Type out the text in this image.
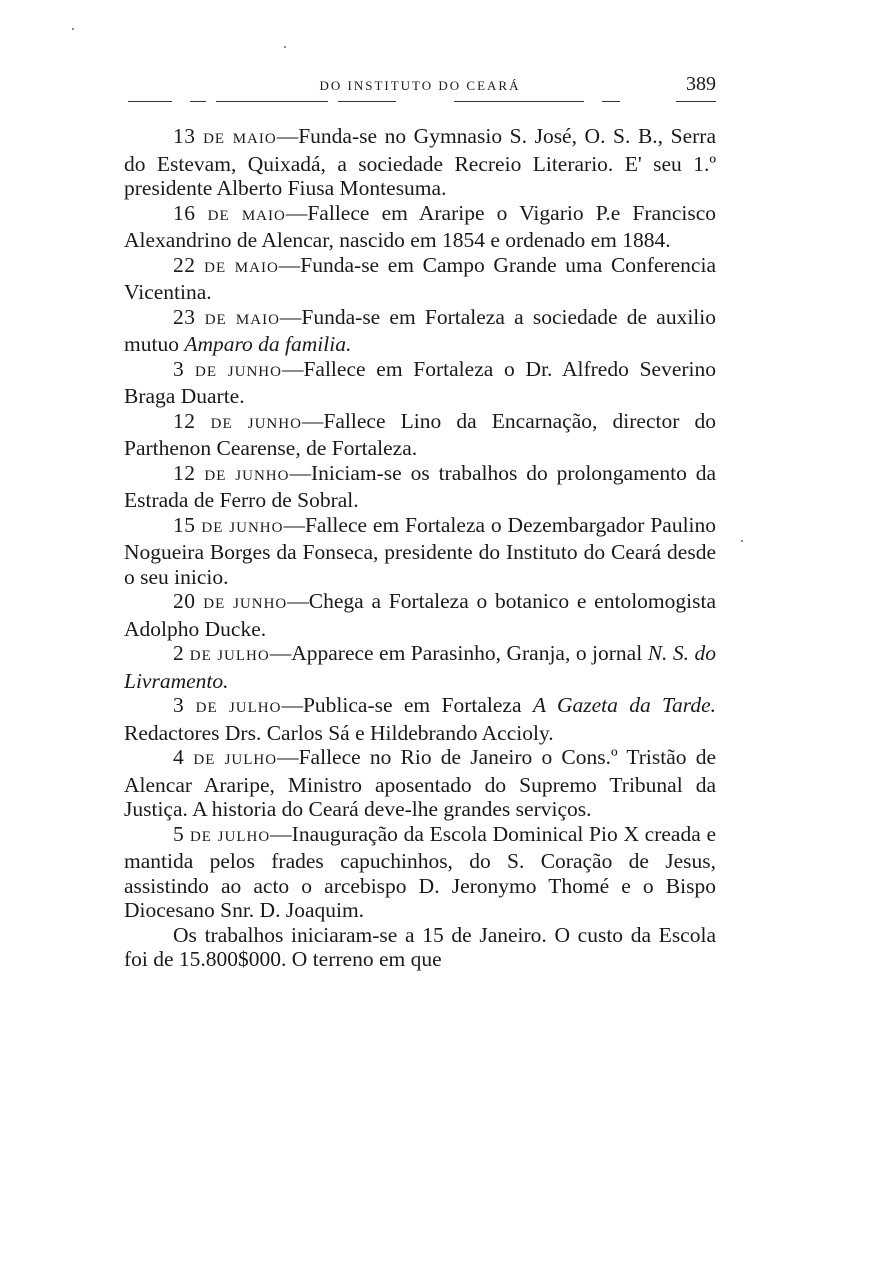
DO INSTITUTO DO CEARÁ	389

13 DE MAIO—Funda-se no Gymnasio S. José, O. S. B., Serra do Estevam, Quixadá, a sociedade Recreio Literario. E' seu 1.º presidente Alberto Fiusa Montesuma.

16 DE MAIO—Fallece em Araripe o Vigario P.e Francisco Alexandrino de Alencar, nascido em 1854 e ordenado em 1884.

22 DE MAIO—Funda-se em Campo Grande uma Conferencia Vicentina.

23 DE MAIO—Funda-se em Fortaleza a sociedade de auxilio mutuo Amparo da familia.

3 DE JUNHO—Fallece em Fortaleza o Dr. Alfredo Severino Braga Duarte.

12 DE JUNHO—Fallece Lino da Encarnação, director do Parthenon Cearense, de Fortaleza.

12 DE JUNHO—Iniciam-se os trabalhos do prolongamento da Estrada de Ferro de Sobral.

15 DE JUNHO—Fallece em Fortaleza o Dezembargador Paulino Nogueira Borges da Fonseca, presidente do Instituto do Ceará desde o seu inicio.

20 DE JUNHO—Chega a Fortaleza o botanico e entolomogista Adolpho Ducke.

2 DE JULHO—Apparece em Parasinho, Granja, o jornal N. S. do Livramento.

3 DE JULHO—Publica-se em Fortaleza A Gazeta da Tarde. Redactores Drs. Carlos Sá e Hildebrando Accioly.

4 DE JULHO—Fallece no Rio de Janeiro o Cons.º Tristão de Alencar Araripe, Ministro aposentado do Supremo Tribunal da Justiça. A historia do Ceará deve-lhe grandes serviços.

5 DE JULHO—Inauguração da Escola Dominical Pio X creada e mantida pelos frades capuchinhos, do S. Coração de Jesus, assistindo ao acto o arcebispo D. Jeronymo Thomé e o Bispo Diocesano Snr. D. Joaquim.

Os trabalhos iniciaram-se a 15 de Janeiro. O custo da Escola foi de 15.800$000. O terreno em que
